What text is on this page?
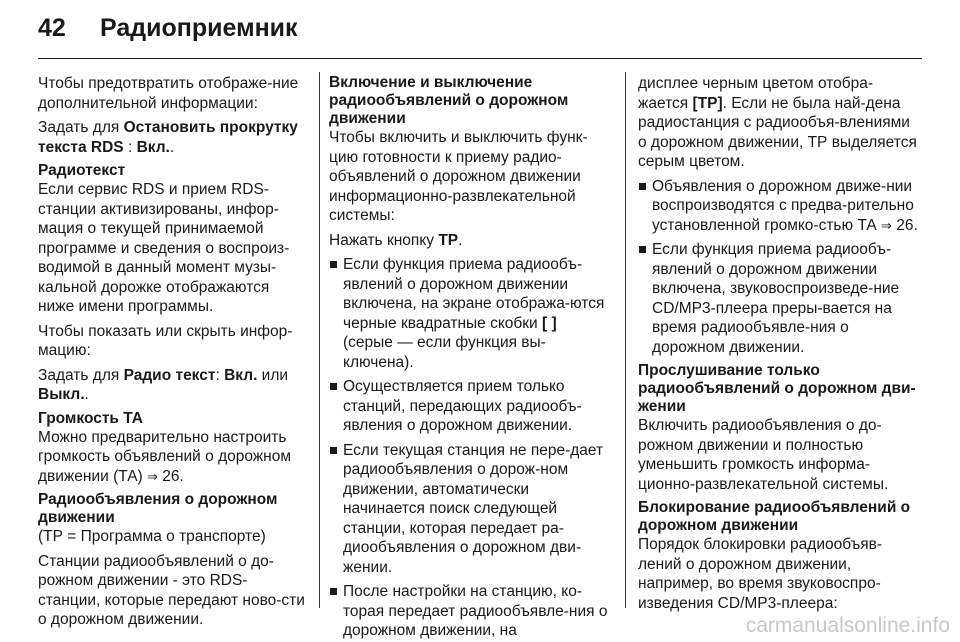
42	Радиоприемник
Чтобы предотвратить отображе-ние дополнительной информации:
Задать для Остановить прокрутку текста RDS : Вкл..
Радиотекст
Если сервис RDS и прием RDS-станции активизированы, инфор-мация о текущей принимаемой программе и сведения о воспроиз-водимой в данный момент музы-кальной дорожке отображаются ниже имени программы.
Чтобы показать или скрыть инфор-мацию:
Задать для Радио текст: Вкл. или Выкл..
Громкость ТА
Можно предварительно настроить громкость объявлений о дорожном движении (ТА) ⇒ 26.
Радиообъявления о дорожном движении
(ТР = Программа о транспорте)
Станции радиообъявлений о до-рожном движении - это RDS-станции, которые передают ново-сти о дорожном движении.
Включение и выключение радиообъявлений о дорожном движении
Чтобы включить и выключить функ-цию готовности к приему радио-объявлений о дорожном движении информационно-развлекательной системы:
Нажать кнопку TP.
Если функция приема радиообъ-явлений о дорожном движении включена, на экране отобража-ются черные квадратные скобки [ ] (серые — если функция вы-ключена).
Осуществляется прием только станций, передающих радиообъ-явления о дорожном движении.
Если текущая станция не пере-дает радиообъявления о дорож-ном движении, автоматически начинается поиск следующей станции, которая передает ра-диообъявления о дорожном дви-жении.
После настройки на станцию, ко-торая передает радиообъявле-ния о дорожном движении, на
дисплее черным цветом отобра-жается [TP]. Если не была най-дена радиостанция с радиообъя-влениями о дорожном движении, ТР выделяется серым цветом.
Объявления о дорожном движе-нии воспроизводятся с предва-рительно установленной громко-стью ТА ⇒ 26.
Если функция приема радиообъ-явлений о дорожном движении включена, звуковоспроизведе-ние CD/MP3-плеера преры-вается на время радиообъявле-ния о дорожном движении.
Прослушивание только радиообъявлений о дорожном дви-жении
Включить радиообъявления о до-рожном движении и полностью уменьшить громкость информа-ционно-развлекательной системы.
Блокирование радиообъявлений о дорожном движении
Порядок блокировки радиообъяв-лений о дорожном движении, например, во время звуковоспро-изведения CD/MP3-плеера:
carmanualsonline.info
